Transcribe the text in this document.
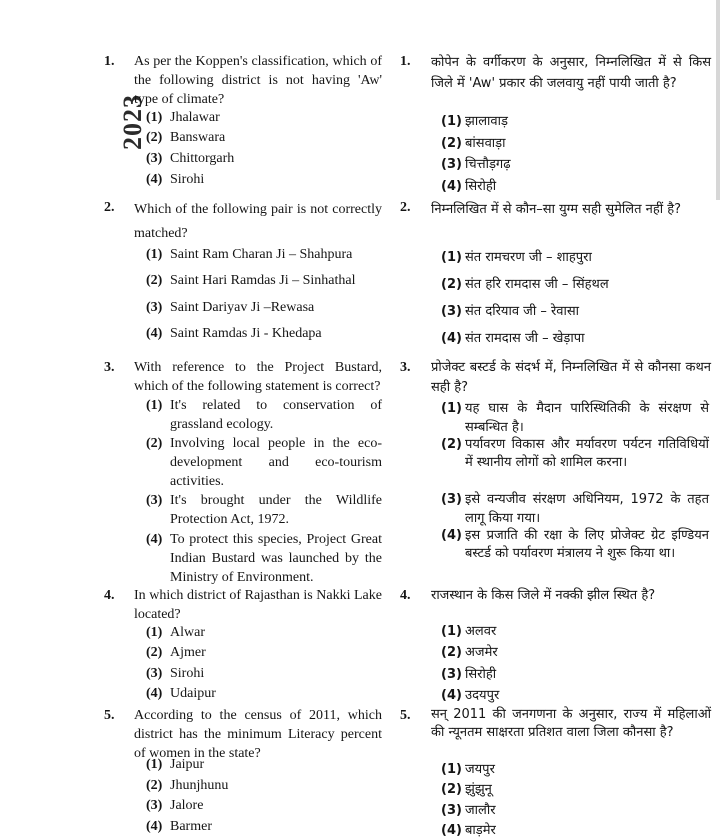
2023
1. As per the Koppen's classification, which of the following district is not having 'Aw' type of climate?
(1) Jhalawar
(2) Banswara
(3) Chittorgarh
(4) Sirohi
2. Which of the following pair is not correctly matched?
(1) Saint Ram Charan Ji – Shahpura
(2) Saint Hari Ramdas Ji – Sinhathal
(3) Saint Dariyav Ji –Rewasa
(4) Saint Ramdas Ji - Khedapa
3. With reference to the Project Bustard, which of the following statement is correct?
(1) It's related to conservation of grassland ecology.
(2) Involving local people in the eco-development and eco-tourism activities.
(3) It's brought under the Wildlife Protection Act, 1972.
(4) To protect this species, Project Great Indian Bustard was launched by the Ministry of Environment.
4. In which district of Rajasthan is Nakki Lake located?
(1) Alwar
(2) Ajmer
(3) Sirohi
(4) Udaipur
5. According to the census of 2011, which district has the minimum Literacy percent of women in the state?
(1) Jaipur
(2) Jhunjhunu
(3) Jalore
(4) Barmer
1. कोपेन के वर्गीकरण के अनुसार, निम्नलिखित में से किस जिले में 'Aw' प्रकार की जलवायु नहीं पायी जाती है?
(1) झालावाड़
(2) बांसवाड़ा
(3) चित्तौड़गढ़
(4) सिरोही
2. निम्नलिखित में से कौन–सा युग्म सही सुमेलित नहीं है?
(1) संत रामचरण जी – शाहपुरा
(2) संत हरि रामदास जी – सिंहथल
(3) संत दरियाव जी – रेवासा
(4) संत रामदास जी – खेड़ापा
3. प्रोजेक्ट बस्टर्ड के संदर्भ में, निम्नलिखित में से कौनसा कथन सही है?
(1) यह घास के मैदान पारिस्थितिकी के संरक्षण से सम्बन्धित है।
(2) पर्यावरण विकास और मर्यावरण पर्यटन गतिविधियों में स्थानीय लोगों को शामिल करना।
(3) इसे वन्यजीव संरक्षण अधिनियम, 1972 के तहत लागू किया गया।
(4) इस प्रजाति की रक्षा के लिए प्रोजेक्ट ग्रेट इण्डियन बस्टर्ड को पर्यावरण मंत्रालय ने शुरू किया था।
4. राजस्थान के किस जिले में नक्की झील स्थित है?
(1) अलवर
(2) अजमेर
(3) सिरोही
(4) उदयपुर
5. सन् 2011 की जनगणना के अनुसार, राज्य में महिलाओं की न्यूनतम साक्षरता प्रतिशत वाला जिला कौनसा है?
(1) जयपुर
(2) झुंझुनू
(3) जालौर
(4) बाड़मेर
